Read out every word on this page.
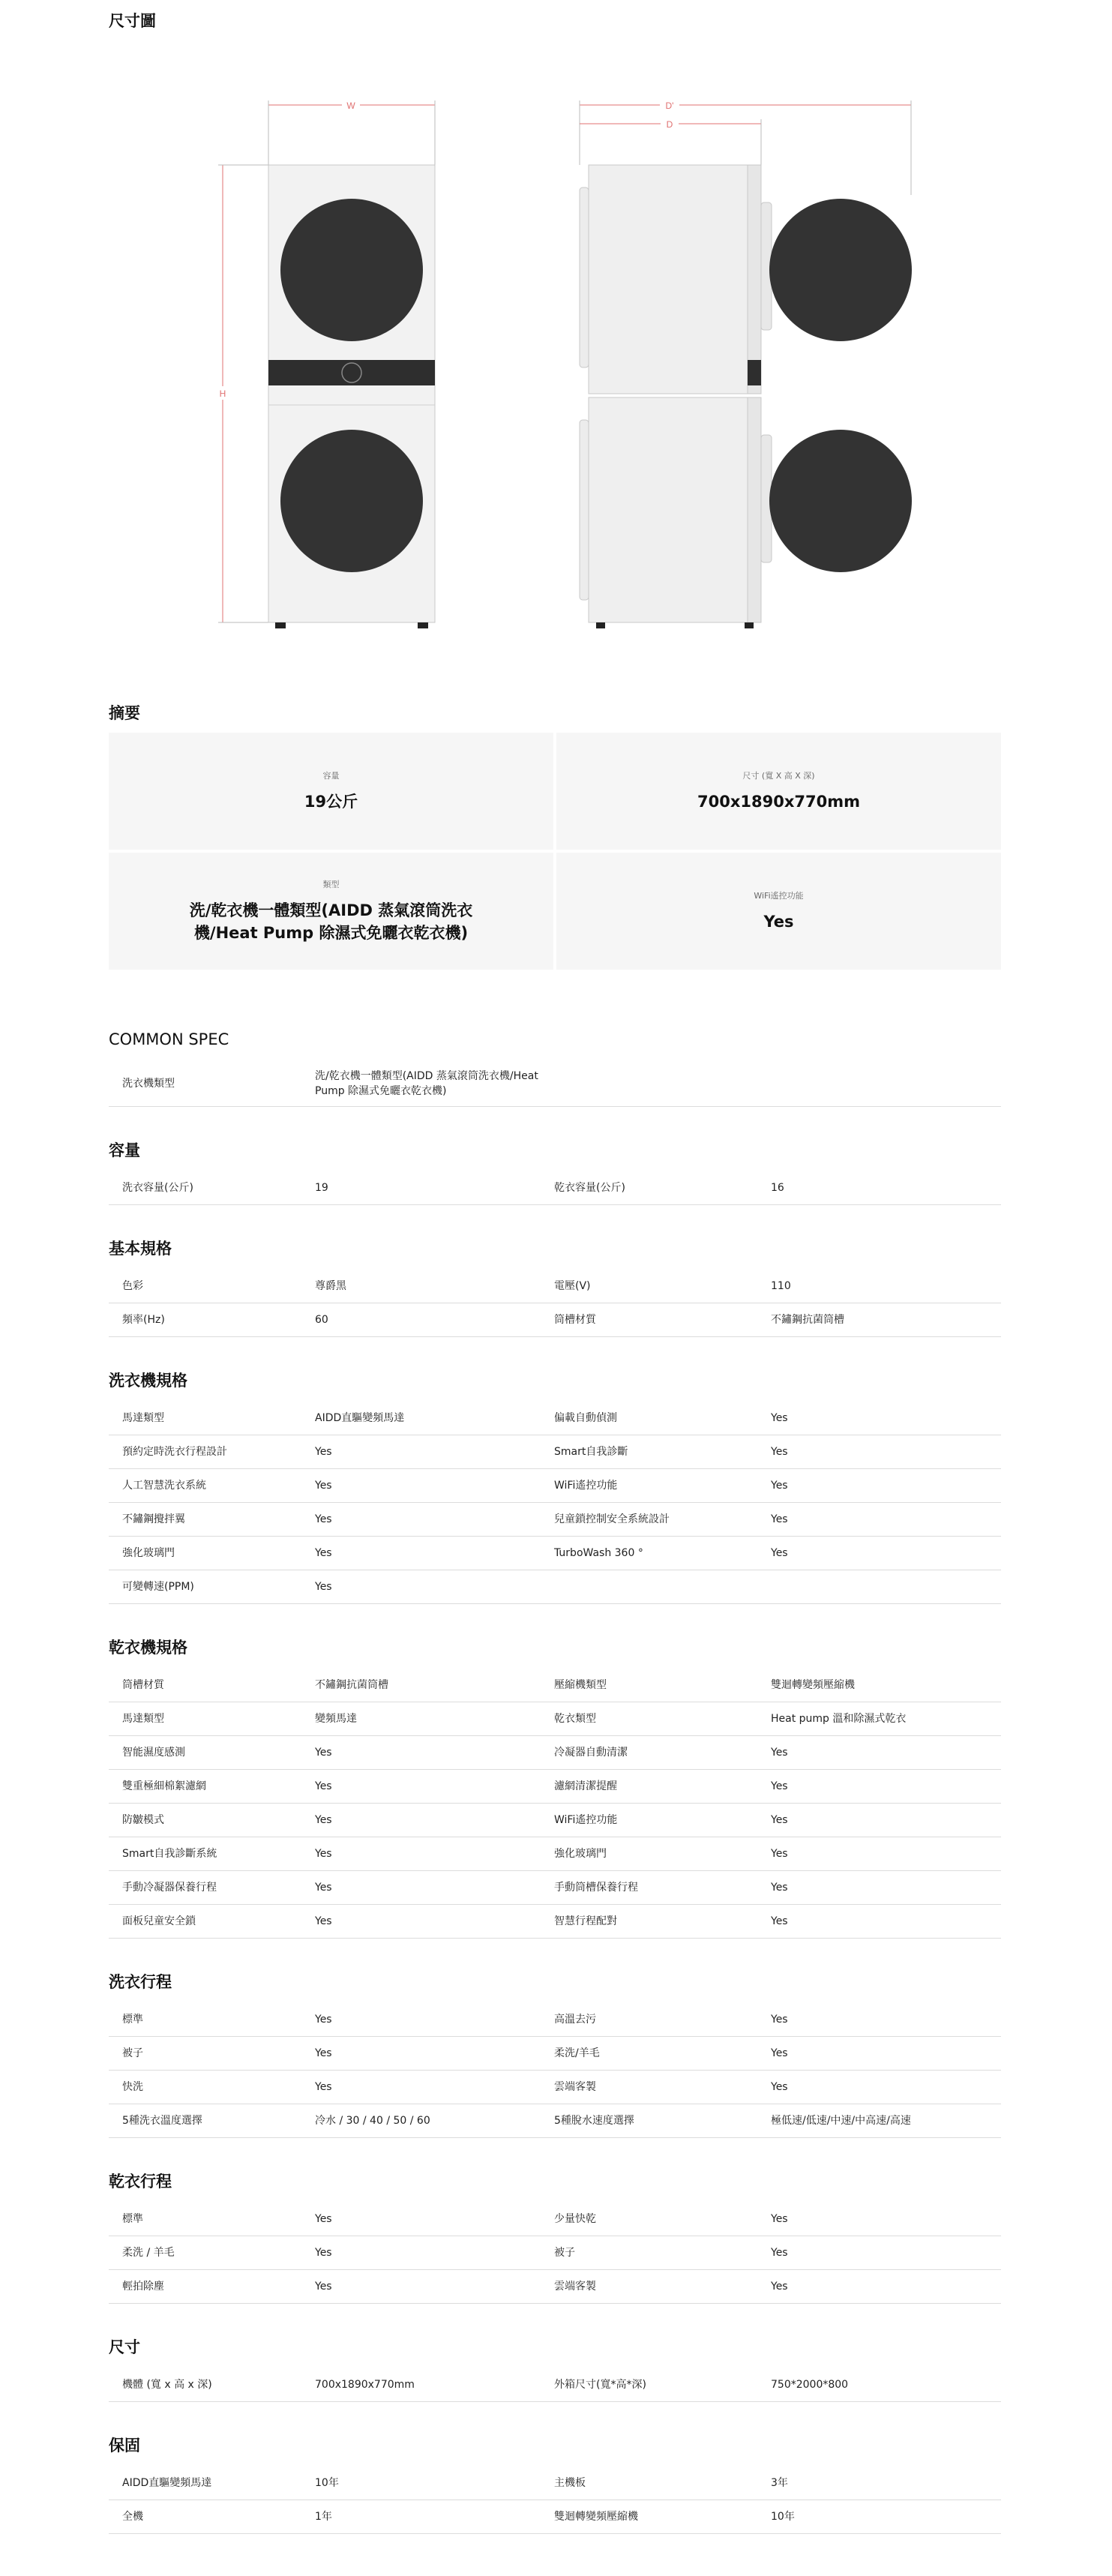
尺寸圖
摘要
容量
19公斤
尺寸 (寬 X 高 X 深)
700x1890x770mm
類型
洗/乾衣機一體類型(AIDD 蒸氣滾筒洗衣機/Heat Pump 除濕式免曬衣乾衣機)
WiFi遙控功能
Yes
COMMON SPEC
洗衣機類型
洗/乾衣機一體類型(AIDD 蒸氣滾筒洗衣機/Heat Pump 除濕式免曬衣乾衣機)
容量
洗衣容量(公斤)	19	乾衣容量(公斤)	16
基本規格
色彩	尊爵黑	電壓(V)	110
頻率(Hz)	60	筒槽材質	不鏽鋼抗菌筒槽
洗衣機規格
馬達類型	AIDD直驅變頻馬達	偏載自動偵測	Yes
預約定時洗衣行程設計	Yes	Smart自我診斷	Yes
人工智慧洗衣系統	Yes	WiFi遙控功能	Yes
不鏽鋼攪拌翼	Yes	兒童鎖控制安全系統設計	Yes
強化玻璃門	Yes	TurboWash 360 °	Yes
可變轉速(PPM)	Yes
乾衣機規格
筒槽材質	不鏽鋼抗菌筒槽	壓縮機類型	雙迴轉變頻壓縮機
馬達類型	變頻馬達	乾衣類型	Heat pump 溫和除濕式乾衣
智能濕度感測	Yes	冷凝器自動清潔	Yes
雙重極細棉絮濾網	Yes	濾網清潔提醒	Yes
防皺模式	Yes	WiFi遙控功能	Yes
Smart自我診斷系統	Yes	強化玻璃門	Yes
手動冷凝器保養行程	Yes	手動筒槽保養行程	Yes
面板兒童安全鎖	Yes	智慧行程配對	Yes
洗衣行程
標準	Yes	高溫去污	Yes
被子	Yes	柔洗/羊毛	Yes
快洗	Yes	雲端客製	Yes
5種洗衣溫度選擇	冷水 / 30 / 40 / 50 / 60	5種脫水速度選擇	極低速/低速/中速/中高速/高速
乾衣行程
標準	Yes	少量快乾	Yes
柔洗 / 羊毛	Yes	被子	Yes
輕拍除塵	Yes	雲端客製	Yes
尺寸
機體 (寬 x 高 x 深)	700x1890x770mm	外箱尺寸(寬*高*深)	750*2000*800
保固
AIDD直驅變頻馬達	10年	主機板	3年
全機	1年	雙迴轉變頻壓縮機	10年
W
H
D'
D
